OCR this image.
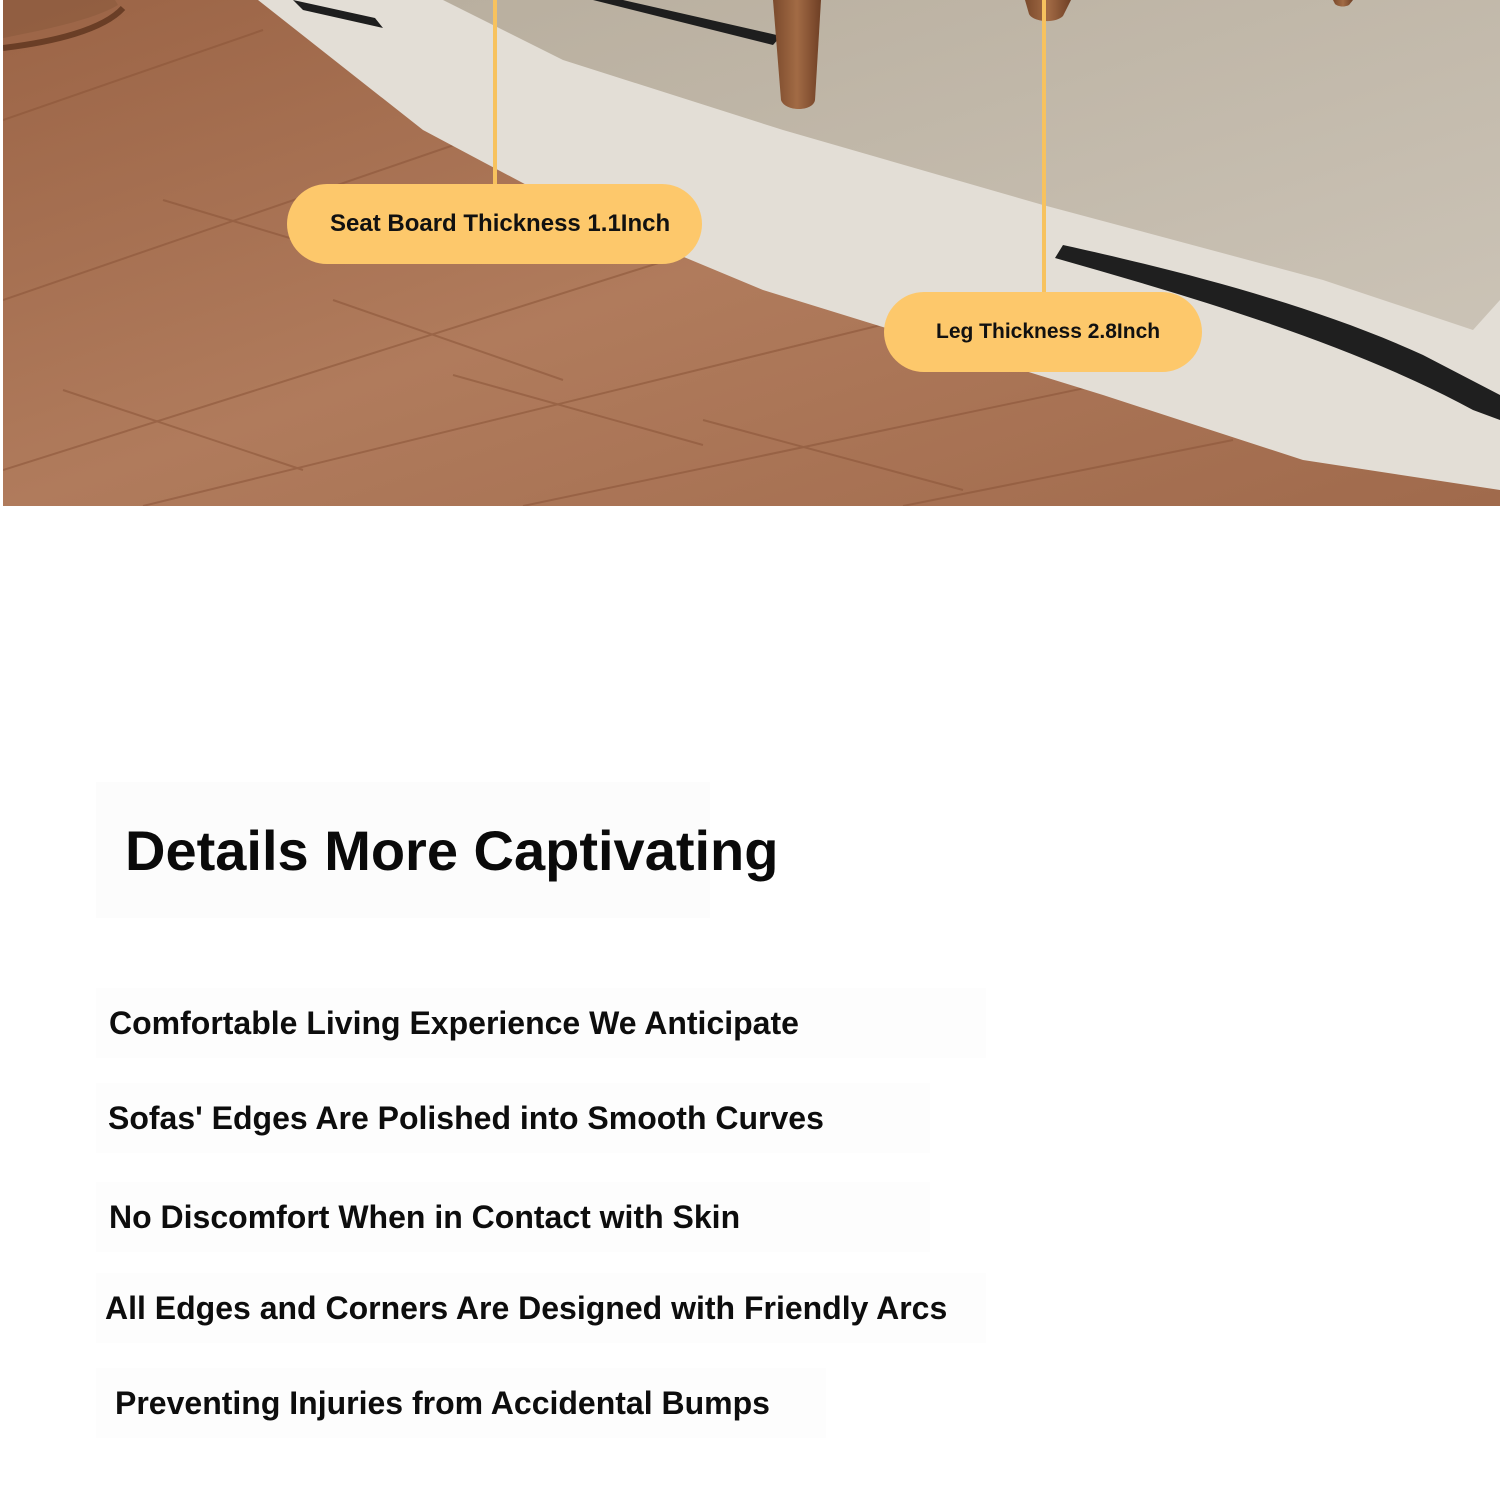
Seat Board Thickness 1.1Inch
Leg Thickness 2.8Inch
Details More Captivating

Comfortable Living Experience We Anticipate

Sofas' Edges Are Polished into Smooth Curves

No Discomfort When in Contact with Skin

All Edges and Corners Are Designed with Friendly Arcs

Preventing Injuries from Accidental Bumps
